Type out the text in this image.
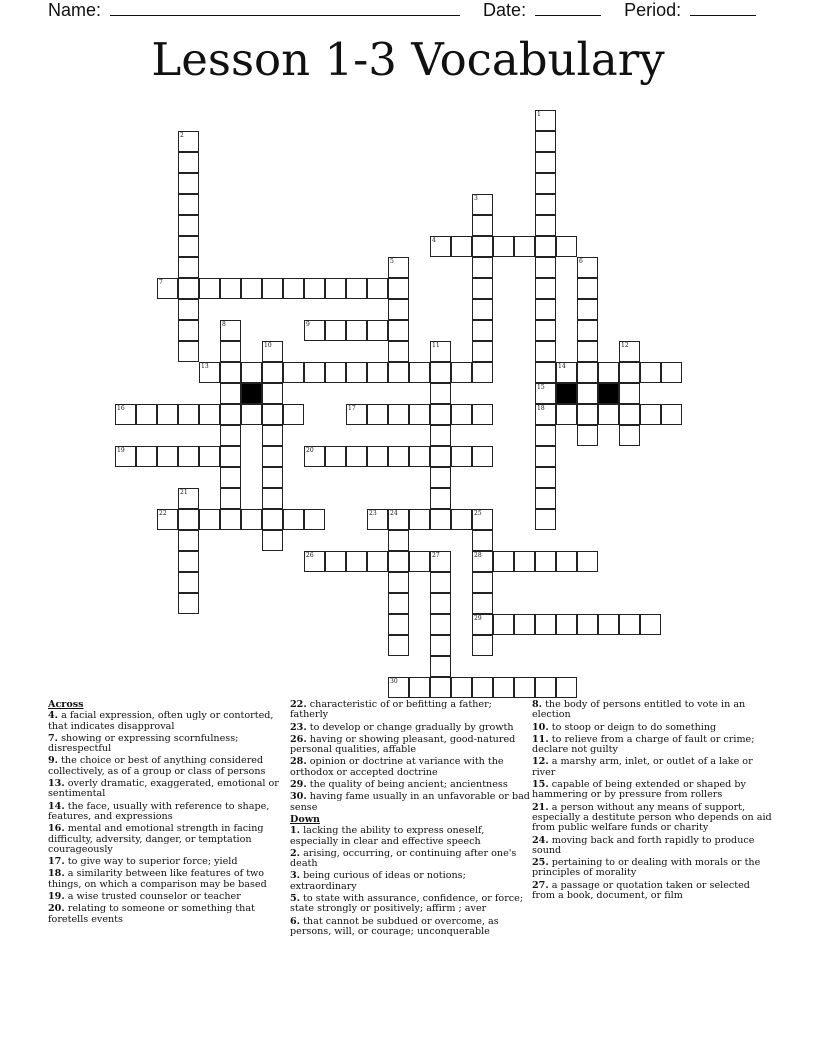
Name:	Date:	Period:
Lesson 1-3 Vocabulary
1
2
3
4
5	6
7
8	9
10	11	12
13	14
15
16	17	18
19	20
21
22	23 24	25
26	27	28
29
30
Across
4. a facial expression, often ugly or contorted, that indicates disapproval
7. showing or expressing scornfulness; disrespectful
9. the choice or best of anything considered collectively, as of a group or class of persons
13. overly dramatic, exaggerated, emotional or sentimental
14. the face, usually with reference to shape, features, and expressions
16. mental and emotional strength in facing difficulty, adversity, danger, or temptation courageously
17. to give way to superior force; yield
18. a similarity between like features of two things, on which a comparison may be based
19. a wise trusted counselor or teacher
20. relating to someone or something that foretells events
22. characteristic of or befitting a father; fatherly
23. to develop or change gradually by growth
26. having or showing pleasant, good-natured personal qualities, affable
28. opinion or doctrine at variance with the orthodox or accepted doctrine
29. the quality of being ancient; ancientness
30. having fame usually in an unfavorable or bad sense
Down
1. lacking the ability to express oneself, especially in clear and effective speech
2. arising, occurring, or continuing after one's death
3. being curious of ideas or notions; extraordinary
5. to state with assurance, confidence, or force; state strongly or positively; affirm ; aver
6. that cannot be subdued or overcome, as persons, will, or courage; unconquerable
8. the body of persons entitled to vote in an election
10. to stoop or deign to do something
11. to relieve from a charge of fault or crime; declare not guilty
12. a marshy arm, inlet, or outlet of a lake or river
15. capable of being extended or shaped by hammering or by pressure from rollers
21. a person without any means of support, especially a destitute person who depends on aid from public welfare funds or charity
24. moving back and forth rapidly to produce sound
25. pertaining to or dealing with morals or the principles of morality
27. a passage or quotation taken or selected from a book, document, or film
